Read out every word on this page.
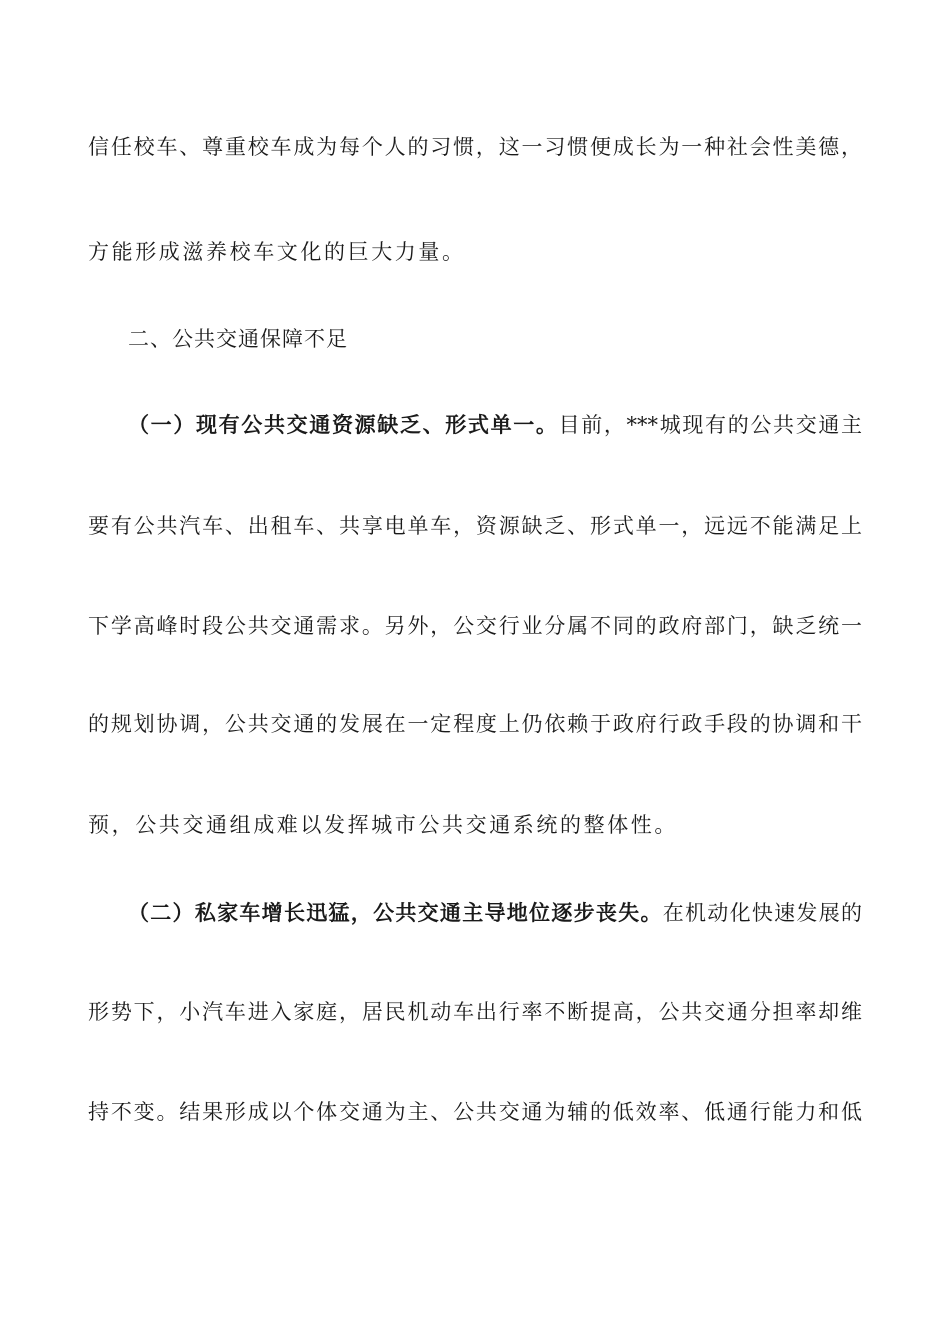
信任校车、尊重校车成为每个人的习惯，这一习惯便成长为一种社会性美德，
方能形成滋养校车文化的巨大力量。
二、公共交通保障不足
（一）现有公共交通资源缺乏、形式单一。目前，***城现有的公共交通主
要有公共汽车、出租车、共享电单车，资源缺乏、形式单一，远远不能满足上
下学高峰时段公共交通需求。另外，公交行业分属不同的政府部门，缺乏统一
的规划协调，公共交通的发展在一定程度上仍依赖于政府行政手段的协调和干
预，公共交通组成难以发挥城市公共交通系统的整体性。
（二）私家车增长迅猛，公共交通主导地位逐步丧失。在机动化快速发展的
形势下，小汽车进入家庭，居民机动车出行率不断提高，公共交通分担率却维
持不变。结果形成以个体交通为主、公共交通为辅的低效率、低通行能力和低
